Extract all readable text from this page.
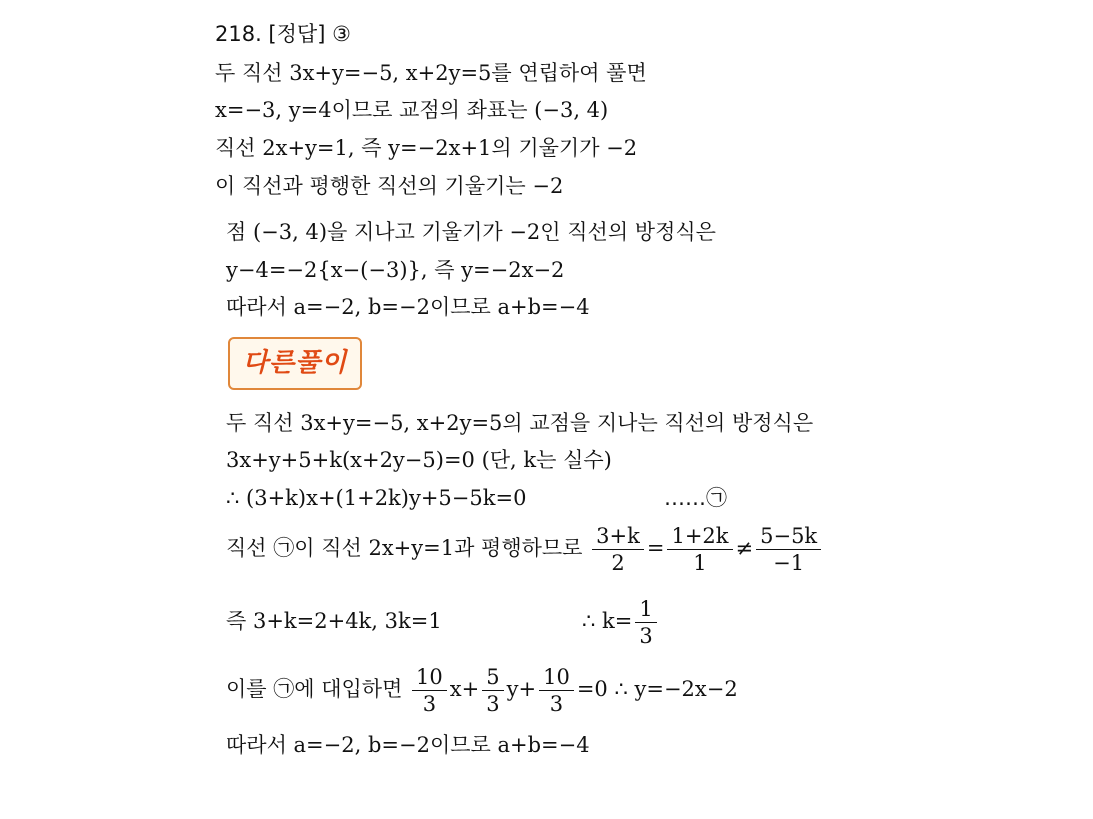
218. [정답] ③
두 직선 3x+y=−5, x+2y=5를 연립하여 풀면
x=−3, y=4이므로 교점의 좌표는 (−3, 4)
직선 2x+y=1, 즉 y=−2x+1의 기울기가 −2
이 직선과 평행한 직선의 기울기는 −2
점 (−3, 4)을 지나고 기울기가 −2인 직선의 방정식은
y−4=−2{x−(−3)}, 즉 y=−2x−2
따라서 a=−2, b=−2이므로 a+b=−4
다른풀이
두 직선 3x+y=−5, x+2y=5의 교점을 지나는 직선의 방정식은
3x+y+5+k(x+2y−5)=0 (단, k는 실수)
∴ (3+k)x+(1+2k)y+5−5k=0	……㉠
직선 ㉠이 직선 2x+y=1과 평행하므로 $\frac{3+k}{2} = \frac{1+2k}{1} \ne \frac{5-5k}{-1}$
즉 3+k=2+4k, 3k=1	∴ $k= \frac{1}{3}$
이를 ㉠에 대입하면 $\frac{10}{3} x+ \frac{5}{3} y+ \frac{10}{3} =0$ ∴ y=−2x−2
따라서 a=−2, b=−2이므로 a+b=−4
